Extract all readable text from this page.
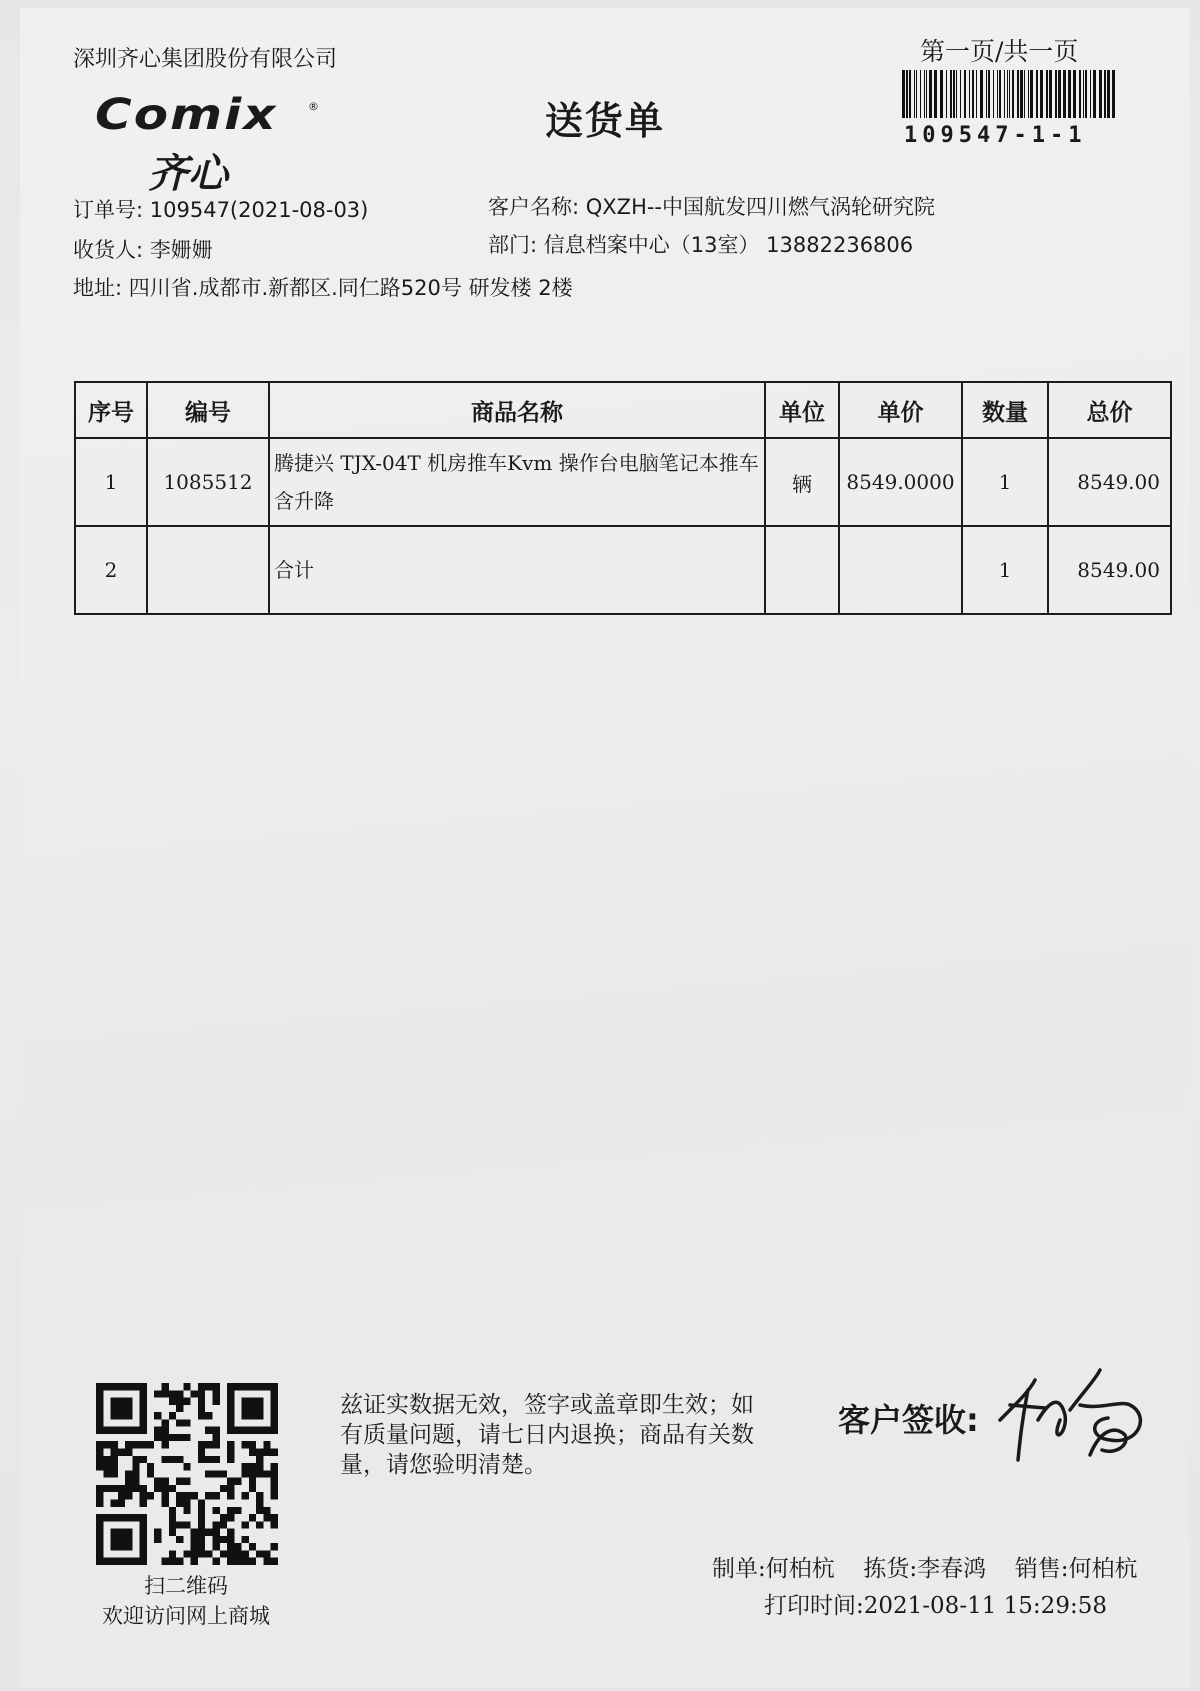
深圳齐心集团股份有限公司	第一页/共一页
109547-1-1
Comix	®
齐心
送货单
订单号: 109547(2021-08-03)
收货人: 李姗姗
地址: 四川省.成都市.新都区.同仁路520号 研发楼 2楼
客户名称: QXZH--中国航发四川燃气涡轮研究院
部门: 信息档案中心（13室） 13882236806
序号	编号	商品名称	单位	单价	数量	总价
1	1085512	腾捷兴 TJX-04T 机房推车Kvm 操作台电脑笔记本推车含升降	辆	8549.0000	1	8549.00
2		合计			1	8549.00
扫二维码
欢迎访问网上商城
兹证实数据无效，签字或盖章即生效；如有质量问题，请七日内退换；商品有关数量，请您验明清楚。
客户签收:
制单:何柏杭 拣货:李春鸿 销售:何柏杭
打印时间:2021-08-11 15:29:58
